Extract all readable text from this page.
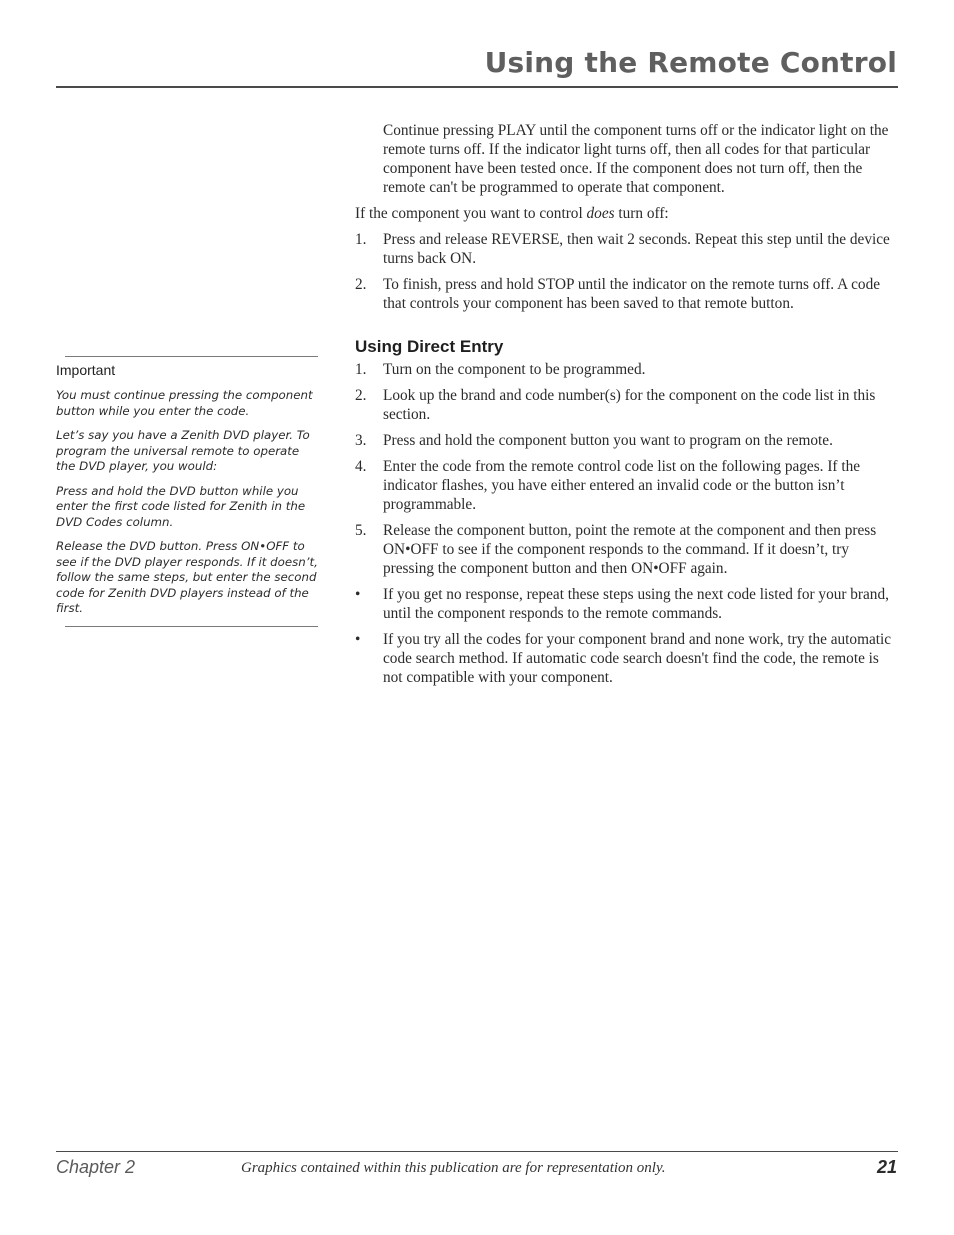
Using the Remote Control

Continue pressing PLAY until the component turns off or the indicator light on the remote turns off. If the indicator light turns off, then all codes for that particular component have been tested once. If the component does not turn off, then the remote can't be programmed to operate that component.

If the component you want to control does turn off:

1. Press and release REVERSE, then wait 2 seconds. Repeat this step until the device turns back ON.
2. To finish, press and hold STOP until the indicator on the remote turns off. A code that controls your component has been saved to that remote button.
Using Direct Entry
1. Turn on the component to be programmed.
2. Look up the brand and code number(s) for the component on the code list in this section.
3. Press and hold the component button you want to program on the remote.
4. Enter the code from the remote control code list on the following pages. If the indicator flashes, you have either entered an invalid code or the button isn’t programmable.
5. Release the component button, point the remote at the component and then press ON•OFF to see if the component responds to the command. If it doesn’t, try pressing the component button and then ON•OFF again.
• If you get no response, repeat these steps using the next code listed for your brand, until the component responds to the remote commands.
• If you try all the codes for your component brand and none work, try the automatic code search method. If automatic code search doesn't find the code, the remote is not compatible with your component.
Important

You must continue pressing the component button while you enter the code.

Let’s say you have a Zenith DVD player. To program the universal remote to operate the DVD player, you would:

Press and hold the DVD button while you enter the first code listed for Zenith in the DVD Codes column.

Release the DVD button. Press ON•OFF to see if the DVD player responds. If it doesn’t, follow the same steps, but enter the second code for Zenith DVD players instead of the first.

Chapter 2	Graphics contained within this publication are for representation only.	21
